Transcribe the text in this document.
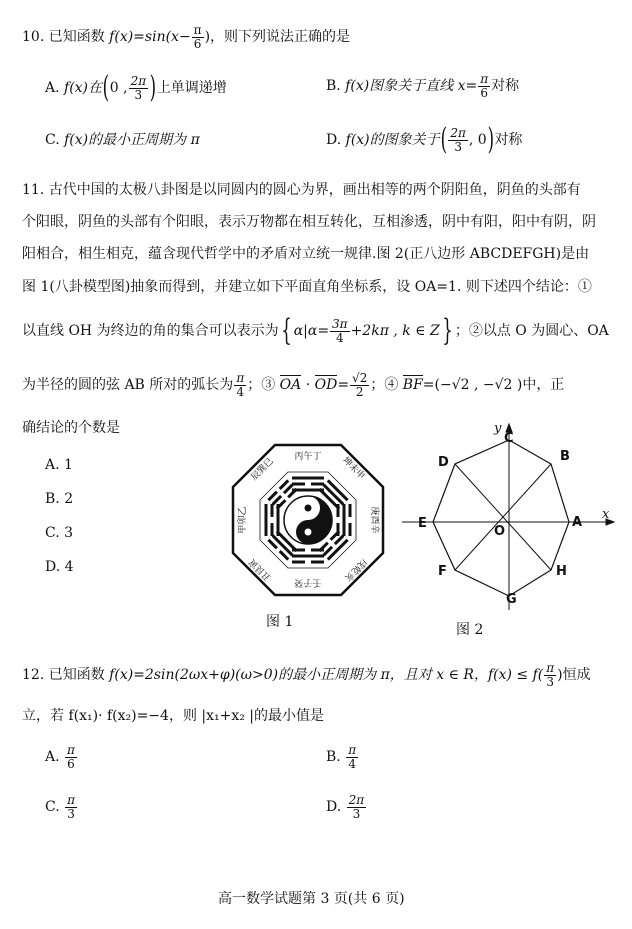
10. 已知函数 $f(x)=\sin(x- \frac{\pi}{6}$ )，则下列说法正确的是
A. f(x)在(0 , $\frac{2\pi}{3}$ )上单调递增	B. f(x)图象关于直线 $x= \frac{\pi}{6}$ 对称
C. f(x)的最小正周期为 π	D. f(x)的图象关于( $\frac{2\pi}{3}$ , 0)对称
11. 古代中国的太极八卦图是以同圆内的圆心为界，画出相等的两个阴阳鱼，阴鱼的头部有
个阳眼，阴鱼的头部有个阳眼，表示万物都在相互转化，互相渗透，阴中有阳，阳中有阴，阴
阳相合，相生相克，蕴含现代哲学中的矛盾对立统一规律.图 2(正八边形 ABCDEFGH)是由
图 1(八卦模型图)抽象而得到，并建立如下平面直角坐标系，设 OA=1. 则下述四个结论：①
以直线 OH 为终边的角的集合可以表示为{ $\alpha|\alpha= \frac{3\pi}{4} +2k\pi$ , k ∈ Z} ；②以点 O 为圆心、OA
为半径的圆的弦 AB 所对的弧长为 $\frac{\pi}{4}$ ；③ OA · $OD= \frac{√2}{2}$ ；④ BF=(−√2 , −√2 )中，正
确结论的个数是
A. 1
B. 2
C. 3
D. 4
丙午丁 坤未申
庚酉辛
戌乾亥
壬子癸
丑艮寅
甲卯乙
辰巽巳
图 1
A
B
C
D
E
F
G
H
O
x
y
图 2
12. 已知函数 f(x)=2sin(2ωx+φ)(ω>0)的最小正周期为 π，且对 x ∈ R，$f(x) \le f( \frac{\pi}{3}$ )恒成
立，若 f(x₁)· f(x₂)=−4，则 |x₁+x₂ |的最小值是
A. $\frac{\pi}{6}$	B. $\frac{\pi}{4}$
C. $\frac{\pi}{3}$	D. $\frac{2\pi}{3}$
高一数学试题第 3 页(共 6 页)
